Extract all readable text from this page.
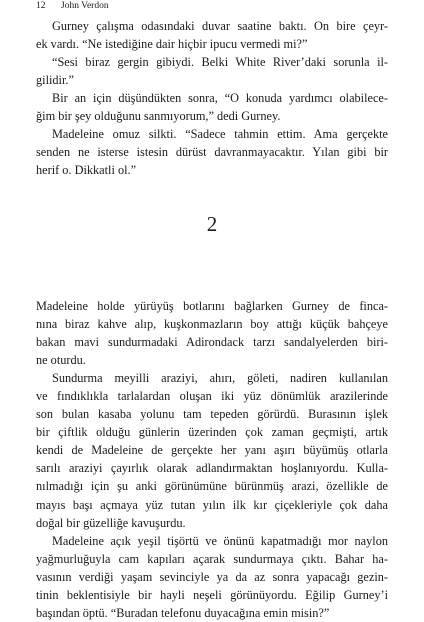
12 John Verdon

Gurney çalışma odasındaki duvar saatine baktı. On bire çeyr-
ek vardı. “Ne istediğine dair hiçbir ipucu vermedi mi?”

“Sesi biraz gergin gibiydi. Belki White River’daki sorunla il-
gilidir.”

Bir an için düşündükten sonra, “O konuda yardımcı olabilece-
ğim bir şey olduğunu sanmıyorum,” dedi Gurney.

Madeleine omuz silkti. “Sadece tahmin ettim. Ama gerçekte
senden ne isterse istesin dürüst davranmayacaktır. Yılan gibi bir
herif o. Dikkatli ol.”

2

Madeleine holde yürüyüş botlarını bağlarken Gurney de finca-
nına biraz kahve alıp, kuşkonmazların boy attığı küçük bahçeye
bakan mavi sundurmadaki Adirondack tarzı sandalyelerden biri-
ne oturdu.

Sundurma meyilli araziyi, ahırı, göleti, nadiren kullanılan
ve fındıklıkla tarlalardan oluşan iki yüz dönümlük arazilerinde
son bulan kasaba yolunu tam tepeden görürdü. Burasının işlek
bir çiftlik olduğu günlerin üzerinden çok zaman geçmişti, artık
kendi de Madeleine de gerçekte her yanı aşırı büyümüş otlarla
sarılı araziyi çayırlık olarak adlandırmaktan hoşlanıyordu. Kulla-
nılmadığı için şu anki görünümüne bürünmüş arazi, özellikle de
mayıs başı açmaya yüz tutan yılın ilk kır çiçekleriyle çok daha
doğal bir güzelliğe kavuşurdu.

Madeleine açık yeşil tişörtü ve önünü kapatmadığı mor naylon
yağmurluğuyla cam kapıları açarak sundurmaya çıktı. Bahar ha-
vasının verdiği yaşam sevinciyle ya da az sonra yapacağı gezin-
tinin beklentisiyle bir hayli neşeli görünüyordu. Eğilip Gurney’i
başından öptü. “Buradan telefonu duyacağına emin misin?”
